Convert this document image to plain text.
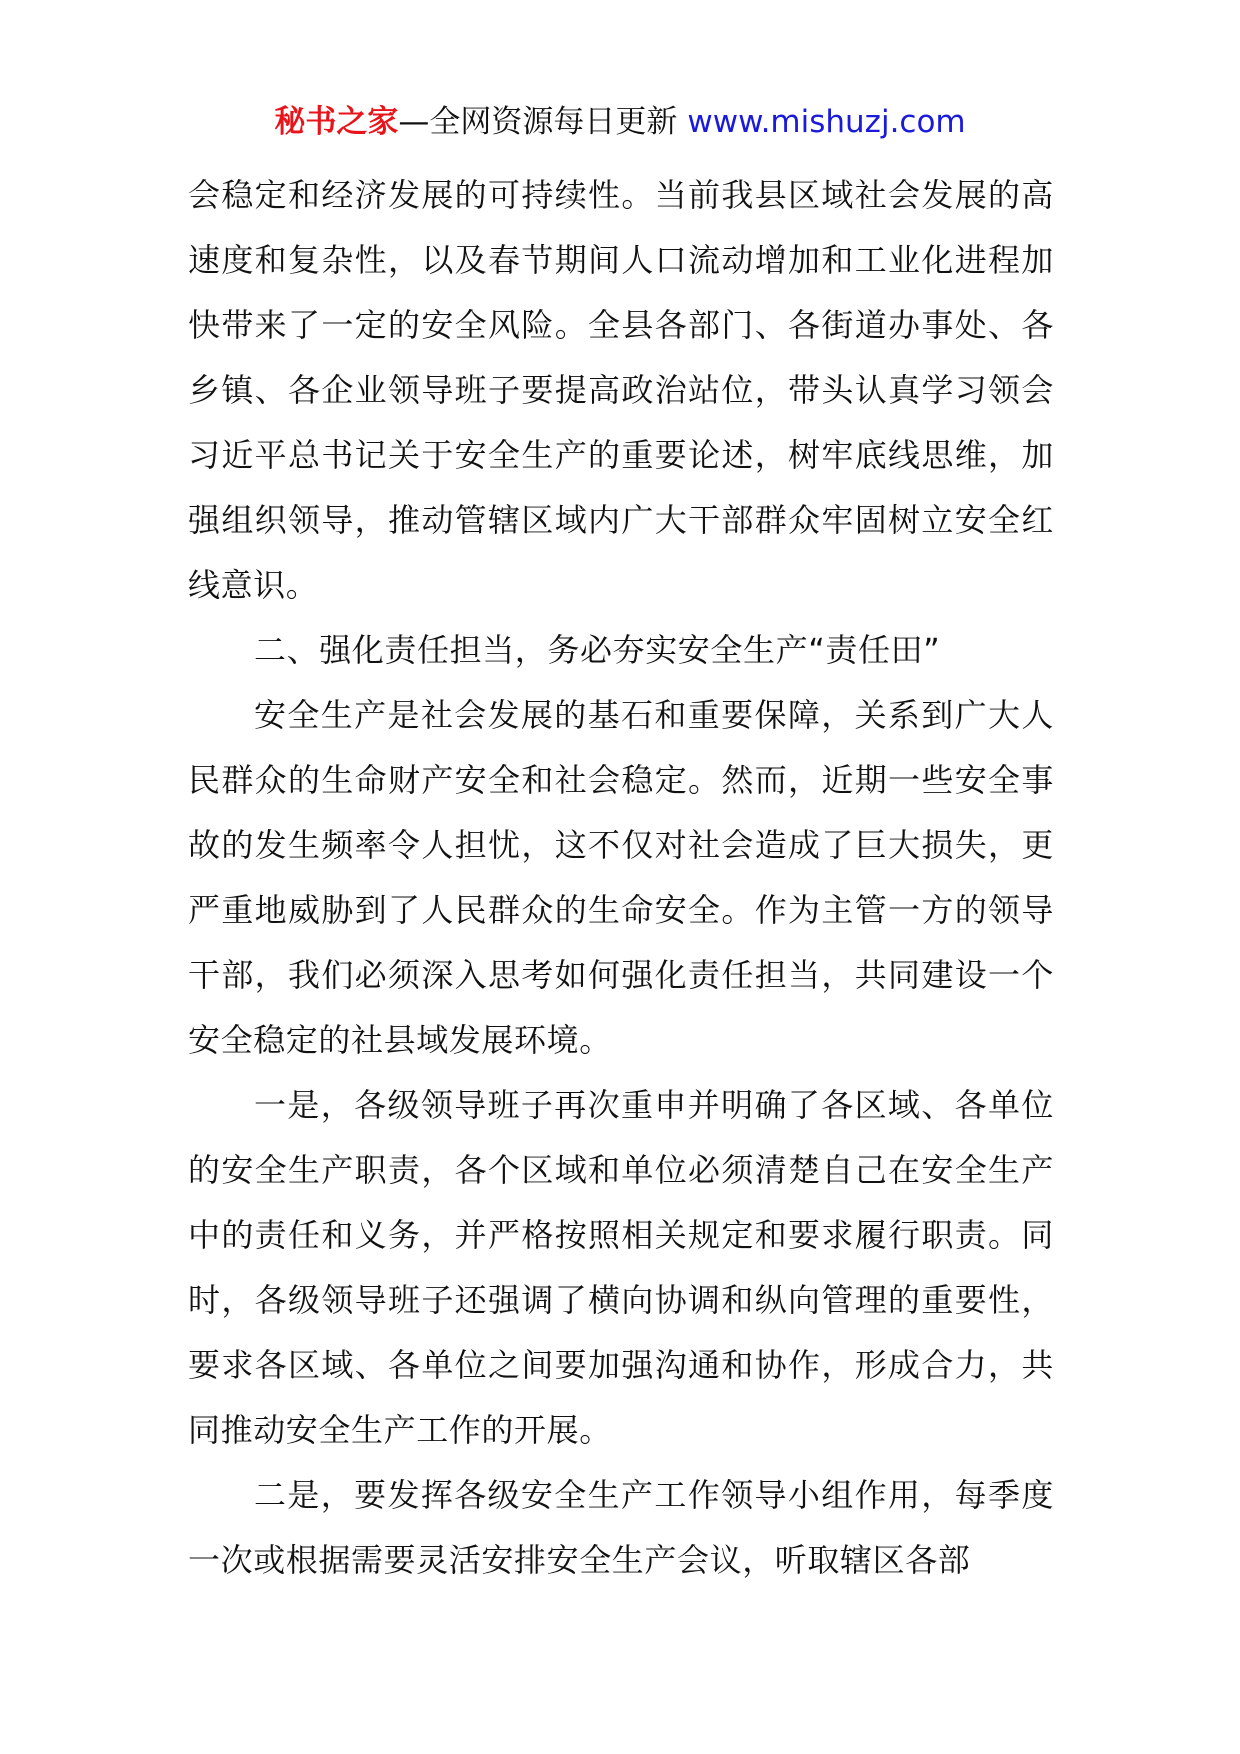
秘书之家—全网资源每日更新 www.mishuzj.com

会稳定和经济发展的可持续性。当前我县区域社会发展的高速度和复杂性，以及春节期间人口流动增加和工业化进程加快带来了一定的安全风险。全县各部门、各街道办事处、各乡镇、各企业领导班子要提高政治站位，带头认真学习领会习近平总书记关于安全生产的重要论述，树牢底线思维，加强组织领导，推动管辖区域内广大干部群众牢固树立安全红线意识。

二、强化责任担当，务必夯实安全生产“责任田”

安全生产是社会发展的基石和重要保障，关系到广大人民群众的生命财产安全和社会稳定。然而，近期一些安全事故的发生频率令人担忧，这不仅对社会造成了巨大损失，更严重地威胁到了人民群众的生命安全。作为主管一方的领导干部，我们必须深入思考如何强化责任担当，共同建设一个安全稳定的社县域发展环境。

一是，各级领导班子再次重申并明确了各区域、各单位的安全生产职责，各个区域和单位必须清楚自己在安全生产中的责任和义务，并严格按照相关规定和要求履行职责。同时，各级领导班子还强调了横向协调和纵向管理的重要性，要求各区域、各单位之间要加强沟通和协作，形成合力，共同推动安全生产工作的开展。

二是，要发挥各级安全生产工作领导小组作用，每季度一次或根据需要灵活安排安全生产会议，听取辖区各部
